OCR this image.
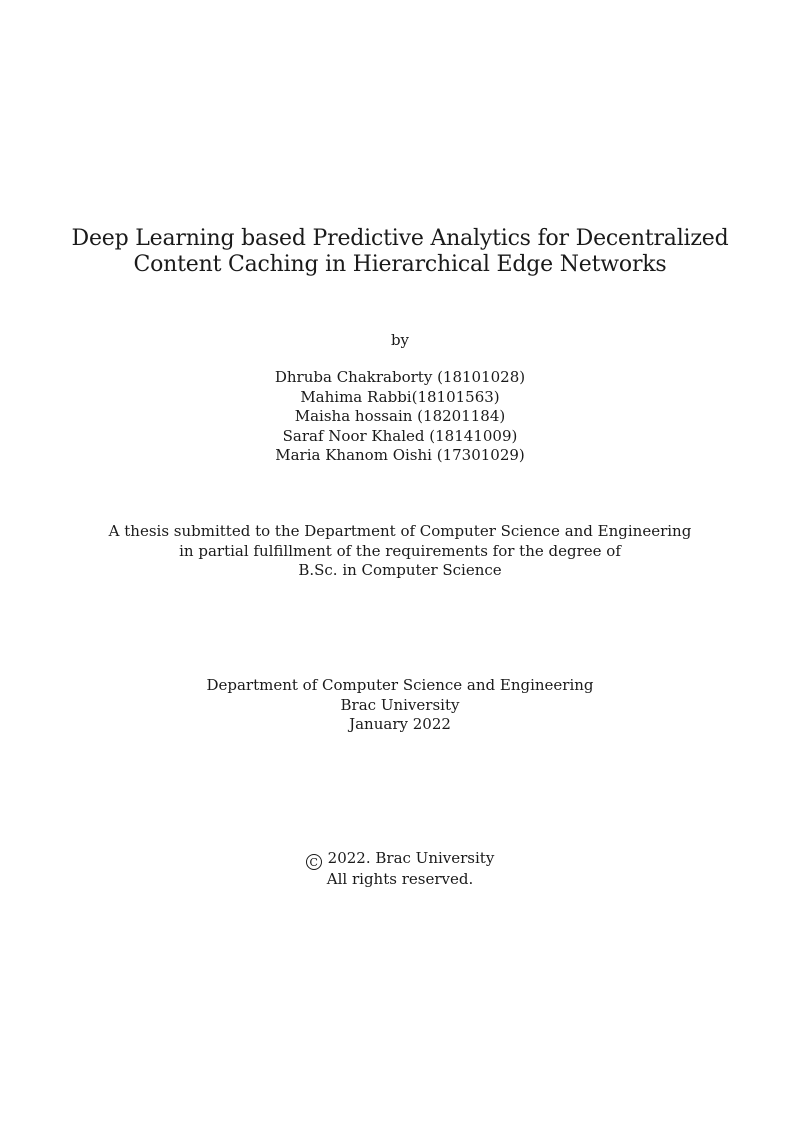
Deep Learning based Predictive Analytics for Decentralized
Content Caching in Hierarchical Edge Networks
by
Dhruba Chakraborty (18101028)
Mahima Rabbi(18101563)
Maisha hossain (18201184)
Saraf Noor Khaled (18141009)
Maria Khanom Oishi (17301029)
A thesis submitted to the Department of Computer Science and Engineering
in partial fulfillment of the requirements for the degree of
B.Sc. in Computer Science
Department of Computer Science and Engineering
Brac University
January 2022
C 2022. Brac University
All rights reserved.
